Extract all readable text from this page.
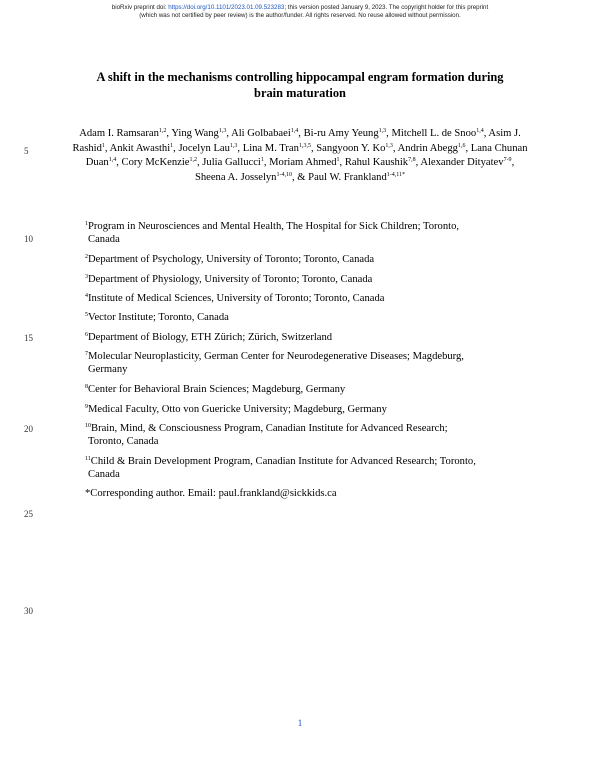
bioRxiv preprint doi: https://doi.org/10.1101/2023.01.09.523283; this version posted January 9, 2023. The copyright holder for this preprint
(which was not certified by peer review) is the author/funder. All rights reserved. No reuse allowed without permission.
A shift in the mechanisms controlling hippocampal engram formation during
brain maturation
Adam I. Ramsaran$^{1,2}$, Ying Wang$^{1,3}$, Ali Golbabaei$^{1,4}$, Bi-ru Amy Yeung$^{1,3}$, Mitchell L. de Snoo$^{1,4}$, Asim J. Rashid$^1$, Ankit Awasthi$^1$, Jocelyn Lau$^{1,3}$, Lina M. Tran$^{1,3,5}$, Sangyoon Y. Ko$^{1,3}$, Andrin Abegg$^{1,6}$, Lana Chunan Duan$^{1,4}$, Cory McKenzie$^{1,2}$, Julia Gallucci$^1$, Moriam Ahmed$^1$, Rahul Kaushik$^{7,8}$, Alexander Dityatev$^{7-9}$, Sheena A. Josselyn$^{1-4,10}$, & Paul W. Frankland$^{1-4,11*}$
$^1$Program in Neurosciences and Mental Health, The Hospital for Sick Children; Toronto,
Canada
$^2$Department of Psychology, University of Toronto; Toronto, Canada
$^3$Department of Physiology, University of Toronto; Toronto, Canada
$^4$Institute of Medical Sciences, University of Toronto; Toronto, Canada
$^5$Vector Institute; Toronto, Canada
$^6$Department of Biology, ETH Zürich; Zürich, Switzerland
$^7$Molecular Neuroplasticity, German Center for Neurodegenerative Diseases; Magdeburg,
Germany
$^8$Center for Behavioral Brain Sciences; Magdeburg, Germany
$^9$Medical Faculty, Otto von Guericke University; Magdeburg, Germany
$^{10}$Brain, Mind, & Consciousness Program, Canadian Institute for Advanced Research;
Toronto, Canada
$^{11}$Child & Brain Development Program, Canadian Institute for Advanced Research; Toronto,
Canada
*Corresponding author. Email: paul.frankland@sickkids.ca
5
10
15
20
25
30
1
